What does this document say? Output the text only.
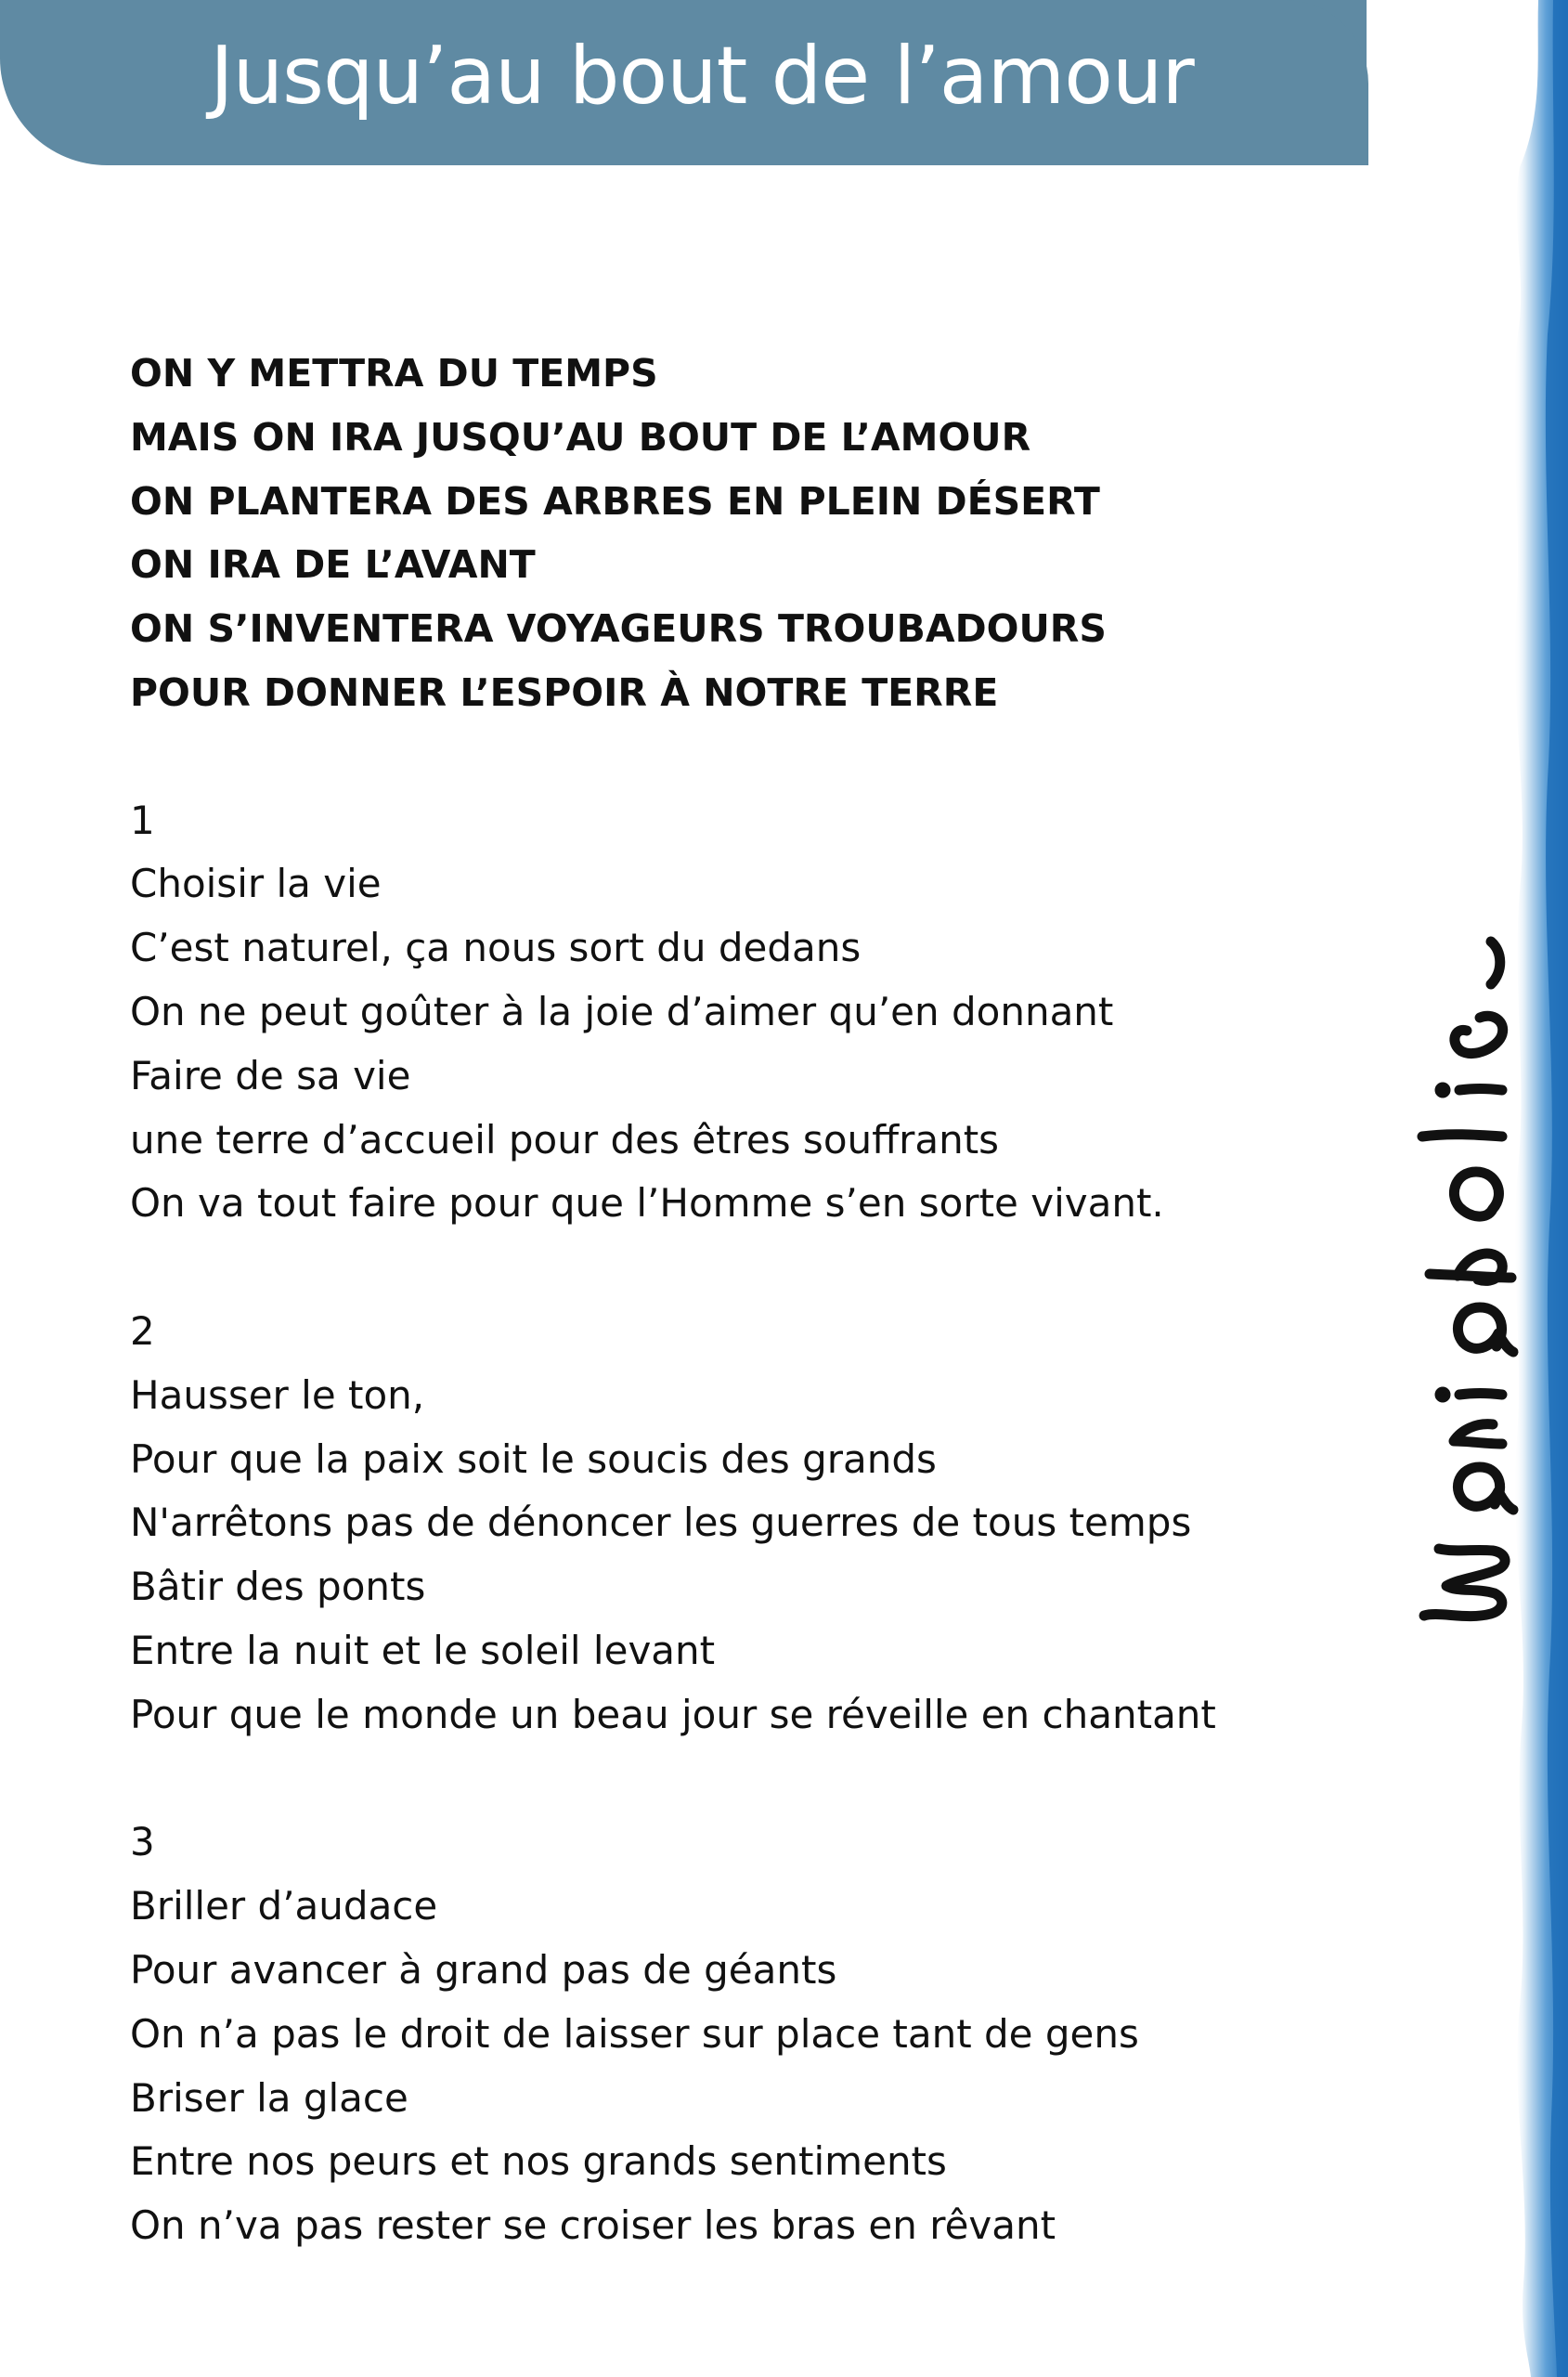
Jusqu’au bout de l’amour
ON Y METTRA DU TEMPS
MAIS ON IRA JUSQU’AU BOUT DE L’AMOUR
ON PLANTERA DES ARBRES EN PLEIN DÉSERT
ON IRA DE L’AVANT
ON S’INVENTERA VOYAGEURS TROUBADOURS
POUR DONNER L’ESPOIR À NOTRE TERRE
1
Choisir la vie
C’est naturel, ça nous sort du dedans
On ne peut goûter à la joie d’aimer qu’en donnant
Faire de sa vie
une terre d’accueil pour des êtres souffrants
On va tout faire pour que l’Homme s’en sorte vivant.
2
Hausser le ton,
Pour que la paix soit le soucis des grands
N'arrêtons pas de dénoncer les guerres de tous temps
Bâtir des ponts
Entre la nuit et le soleil levant
Pour que le monde un beau jour se réveille en chantant
3
Briller d’audace
Pour avancer à grand pas de géants
On n’a pas le droit de laisser sur place tant de gens
Briser la glace
Entre nos peurs et nos grands sentiments
On n’va pas rester se croiser les bras en rêvant
